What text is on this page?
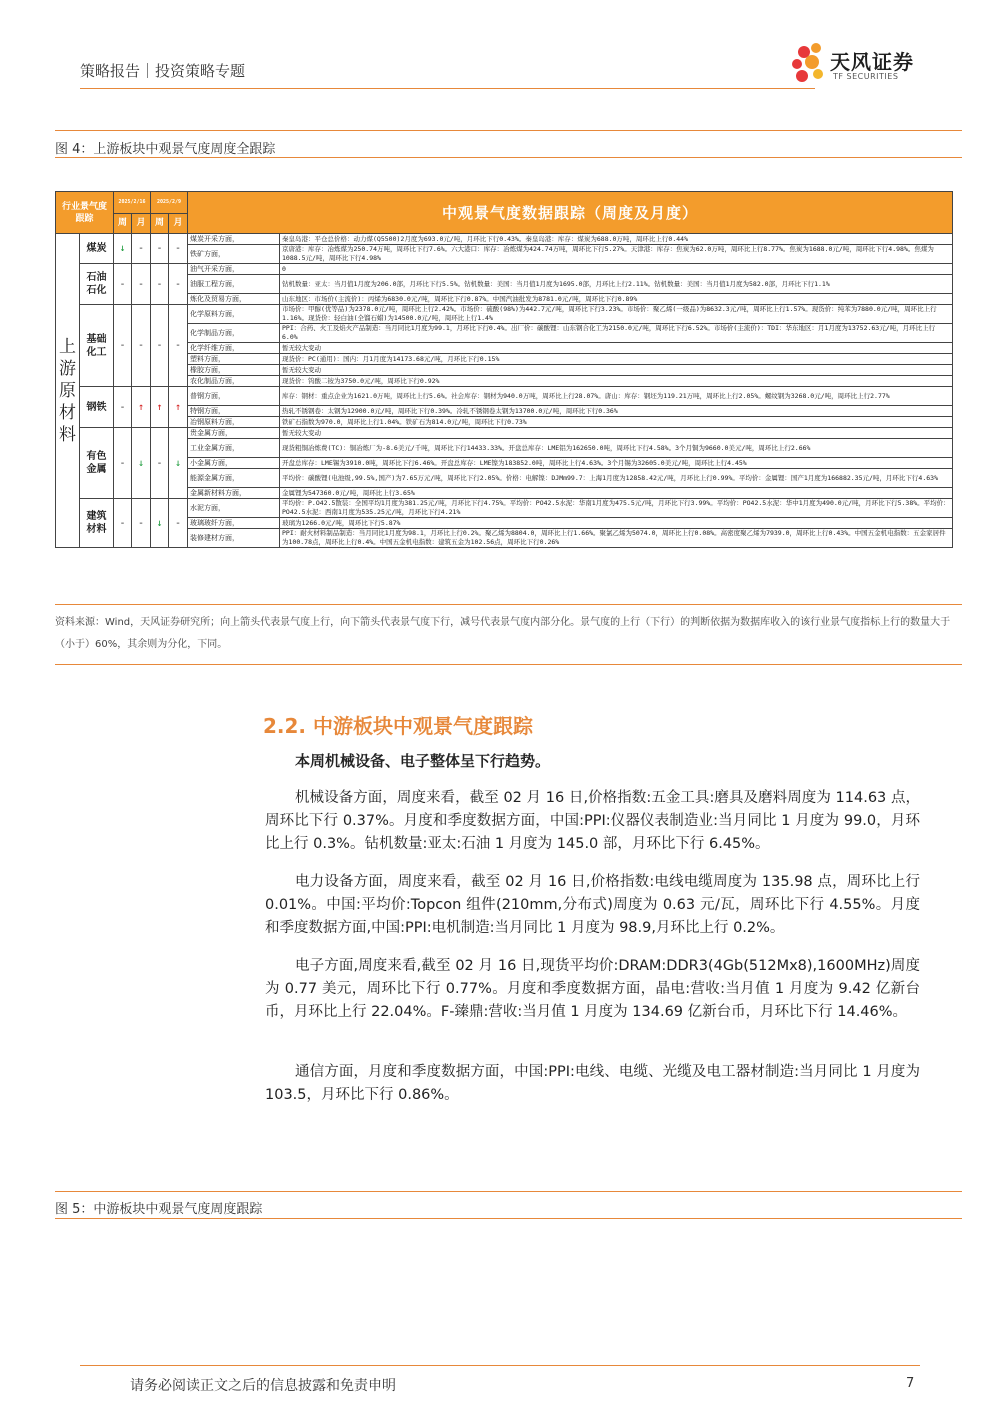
策略报告｜投资策略专题	天风证券
TF SECURITIES
图 4：上游板块中观景气度周度全跟踪
行业景气度跟踪		2025/2/16		2025/2/9		中观景气度数据跟踪（周度及月度）	
		周	月	周	月		
上游原材料	煤炭	↓	-	-	-	煤炭开采方面，	秦皇岛港：平仓总价格：动力煤(Q5500)2月度为693.0元/吨，月环比下行0.43%。秦皇岛港：库存：煤炭为688.0万吨，周环比上行0.44%
						铁矿方面，	京唐港：库存：冶炼煤为250.74万吨，周环比下行7.6%。六大港口：库存：冶炼煤为424.74万吨，周环比下行5.27%。天津港：库存：焦炭为62.0万吨，周环比上行8.77%。焦炭为1688.0元/吨，周环比下行4.98%。焦煤为1088.5元/吨，周环比下行4.98%
	石油石化	-	-	-	-	油气开采方面，	0
						油服工程方面，	钻机数量：亚太：当月值1月度为206.0部，月环比下行5.5%。钻机数量：美国：当月值1月度为1695.0部，月环比上行2.11%。钻机数量：美国：当月值1月度为582.0部，月环比下行1.1%
						炼化及贸易方面，	山东地区：市场价(主流价)：丙烯为6830.0元/吨，周环比下行0.87%。中国汽油批发为8781.0元/吨，周环比下行0.89%
	基础化工	-	-	-	-	化学原料方面，	市场价：甲醇(优等品)为2378.0元/吨，周环比上行2.42%。市场价：硫酸(98%)为442.7元/吨，周环比下行3.23%。市场价：聚乙烯(一级品)为8632.3元/吨，周环比上行1.57%。现货价：纯苯为7880.0元/吨，周环比上行1.16%。现货价：轻白油(全馏石蜡)为14500.0元/吨，周环比上行1.4%
						化学制品方面，	PPI：合药、火工及焰火产品制造：当月同比1月度为99.1，月环比下行0.4%。出厂价：碳酸锂：山东钢合化工为2150.0元/吨，周环比下行6.52%。市场价(主流价)：TDI：华东地区：月1月度为13752.63元/吨，月环比上行6.0%
						化学纤维方面，	暂无较大变动
						塑料方面，	现货价：PC(通用)：国内：月1月度为14173.68元/吨，月环比下行0.15%
						橡胶方面，	暂无较大变动
						农化制品方面，	现货价：钨酸二铵为3750.0元/吨，周环比下行0.92%
	钢铁	-	↑	↑	↑	普钢方面，	库存：钢材：重点企业为1621.0万吨，周环比上行5.6%。社会库存：钢材为940.0万吨，周环比上行28.07%。唐山：库存：钢坯为119.21万吨，周环比上行2.05%。螺纹钢为3268.0元/吨，周环比上行2.77%
						特钢方面，	热轧不锈钢卷：太钢为12900.0元/吨，周环比下行0.39%。冷轧不锈钢卷太钢为13700.0元/吨，周环比下行0.36%
						冶钢原料方面，	铁矿石指数为970.0，周环比上行1.04%。铁矿石为814.0元/吨，周环比下行0.73%
	有色金属	-	↓	-	↓	贵金属方面，	暂无较大变动
						工业金属方面，	现货粗铜冶炼费(TC)：铜冶炼厂为-8.6美元/千吨，周环比下行14433.33%。开盘总库存：LME铝为162650.0吨，周环比下行4.58%。3个月铜为9660.0美元/吨，周环比上行2.66%
						小金属方面，	开盘总库存：LME锡为3910.0吨，周环比下行6.46%。开盘总库存：LME镍为183852.0吨，周环比上行4.63%。3个月锡为32605.0美元/吨，周环比上行4.45%
						能源金属方面，	平均价：碳酸锂(电池级,99.5%,国产)为7.65万元/吨，周环比下行2.05%。价格：电解镍：DJMm99.7：上海1月度为12858.42元/吨，月环比上行0.99%。平均价：金属锂：国产1月度为166882.35元/吨，月环比下行4.63%
						金属新材料方面，	金属锂为547360.0元/吨，周环比上行3.65%
	建筑材料	-	-	↓	-	水泥方面，	平均价：P.O42.5散装：全国平均1月度为381.25元/吨，月环比下行4.75%。平均价：PO42.5水泥：华南1月度为475.5元/吨，月环比下行3.99%。平均价：PO42.5水泥：华中1月度为490.0元/吨，月环比下行5.38%。平均价：PO42.5水泥：西南1月度为535.25元/吨，月环比下行4.21%
						玻璃玻纤方面，	玻璃为1266.0元/吨，周环比下行5.87%
						装修建材方面，	PPI：耐火材料制品制造：当月同比1月度为98.1，月环比上行0.2%。聚乙烯为8804.0，周环比上行1.66%。聚氯乙烯为5074.0，周环比上行0.08%。高密度聚乙烯为7939.0，周环比上行0.43%。中国五金机电指数：五金家居件为100.78点，周环比上行0.4%。中国五金机电指数：建筑五金为102.56点，周环比下行0.26%
资料来源：Wind，天风证券研究所；向上箭头代表景气度上行，向下箭头代表景气度下行，减号代表景气度内部分化。景气度的上行（下行）的判断依据为数据库收入的该行业景气度指标上行的数量大于（小于）60%，其余则为分化，下同。
2.2. 中游板块中观景气度跟踪
本周机械设备、电子整体呈下行趋势。
机械设备方面，周度来看，截至 02 月 16 日,价格指数:五金工具:磨具及磨料周度为 114.63 点，周环比下行 0.37%。月度和季度数据方面，中国:PPI:仪器仪表制造业:当月同比 1 月度为 99.0，月环比上行 0.3%。钻机数量:亚太:石油 1 月度为 145.0 部，月环比下行 6.45%。
电力设备方面，周度来看，截至 02 月 16 日,价格指数:电线电缆周度为 135.98 点，周环比上行 0.01%。中国:平均价:Topcon 组件(210mm,分布式)周度为 0.63 元/瓦，周环比下行 4.55%。月度和季度数据方面,中国:PPI:电机制造:当月同比 1 月度为 98.9,月环比上行 0.2%。
电子方面,周度来看,截至 02 月 16 日,现货平均价:DRAM:DDR3(4Gb(512Mx8),1600MHz)周度为 0.77 美元，周环比下行 0.77%。月度和季度数据方面，晶电:营收:当月值 1 月度为 9.42 亿新台币，月环比上行 22.04%。F-臻鼎:营收:当月值 1 月度为 134.69 亿新台币，月环比下行 14.46%。
通信方面，月度和季度数据方面，中国:PPI:电线、电缆、光缆及电工器材制造:当月同比 1 月度为 103.5，月环比下行 0.86%。
图 5：中游板块中观景气度周度跟踪
请务必阅读正文之后的信息披露和免责申明	7
